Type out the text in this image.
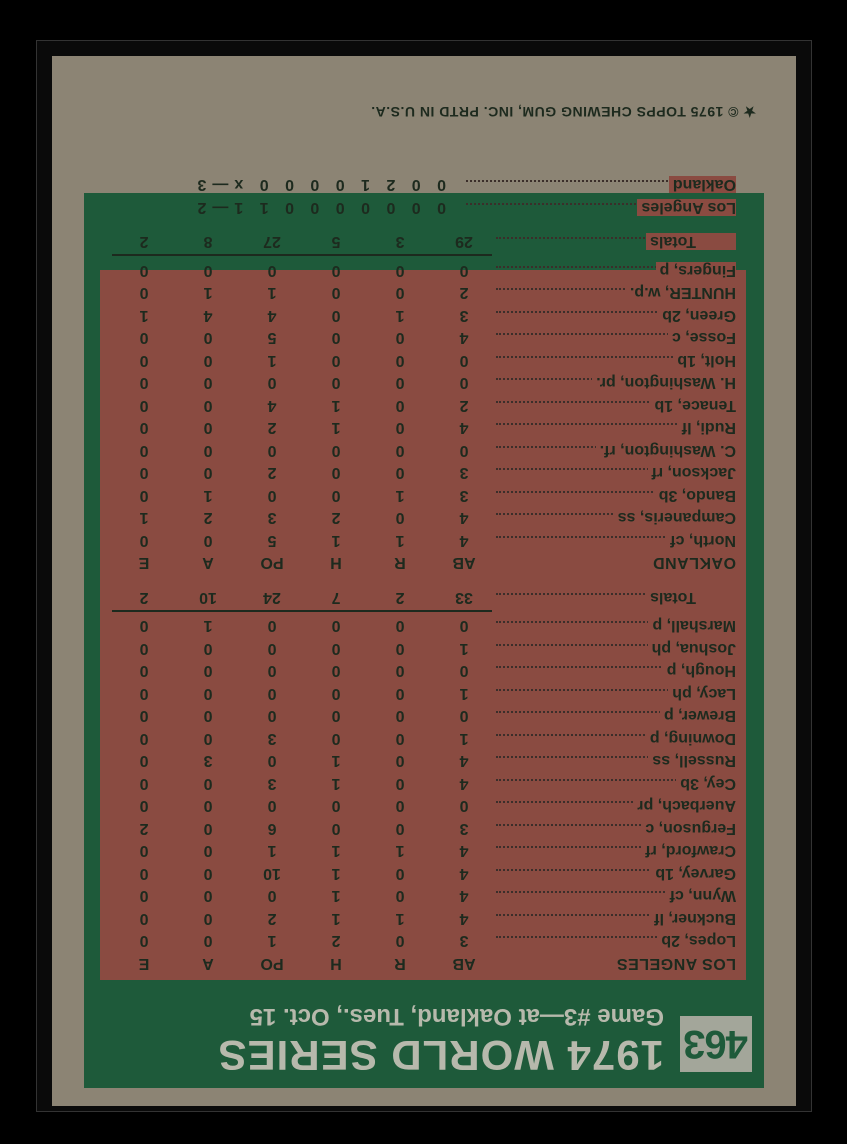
463
1974 WORLD SERIES
Game #3—at Oakland, Tues., Oct. 15
LOS ANGELES
AB
R
H
PO
A
E
Lopes, 2b
3
0
2
1
0
0
Buckner, lf
4
1
1
2
0
0
Wynn, cf
4
0
1
0
0
0
Garvey, 1b
4
0
1
10
0
0
Crawford, rf
4
1
1
1
0
0
Ferguson, c
3
0
0
6
0
2
Auerbach, pr
0
0
0
0
0
0
Cey, 3b
4
0
1
3
0
0
Russell, ss
4
0
1
0
3
0
Downing, p
1
0
0
3
0
0
Brewer, p
0
0
0
0
0
0
Lacy, ph
1
0
0
0
0
0
Hough, p
0
0
0
0
0
0
Joshua, ph
1
0
0
0
0
0
Marshall, p
0
0
0
0
1
0
Totals
33
2
7
24
10
2
OAKLAND
AB
R
H
PO
A
E
North, cf
4
1
1
5
0
0
Campaneris, ss
4
0
2
3
2
1
Bando, 3b
3
1
0
0
1
0
Jackson, rf
3
0
0
2
0
0
C. Washington, rf.
0
0
0
0
0
0
Rudi, lf
4
0
1
2
0
0
Tenace, 1b
2
0
1
4
0
0
H. Washington, pr.
0
0
0
0
0
0
Holt, 1b
0
0
0
1
0
0
Fosse, c
4
0
0
5
0
0
Green, 2b
3
1
0
4
4
1
HUNTER, w.p.
2
0
0
1
1
0
Fingers, p
0
0
0
0
0
0
Totals
29
3
5
27
8
2
Los Angeles
0 0 0 0 0 0 0 1 1—2
Oakland
0 0 2 1 0 0 0 0 x—3
★ © 1975 TOPPS CHEWING GUM, INC. PRTD IN U.S.A.
